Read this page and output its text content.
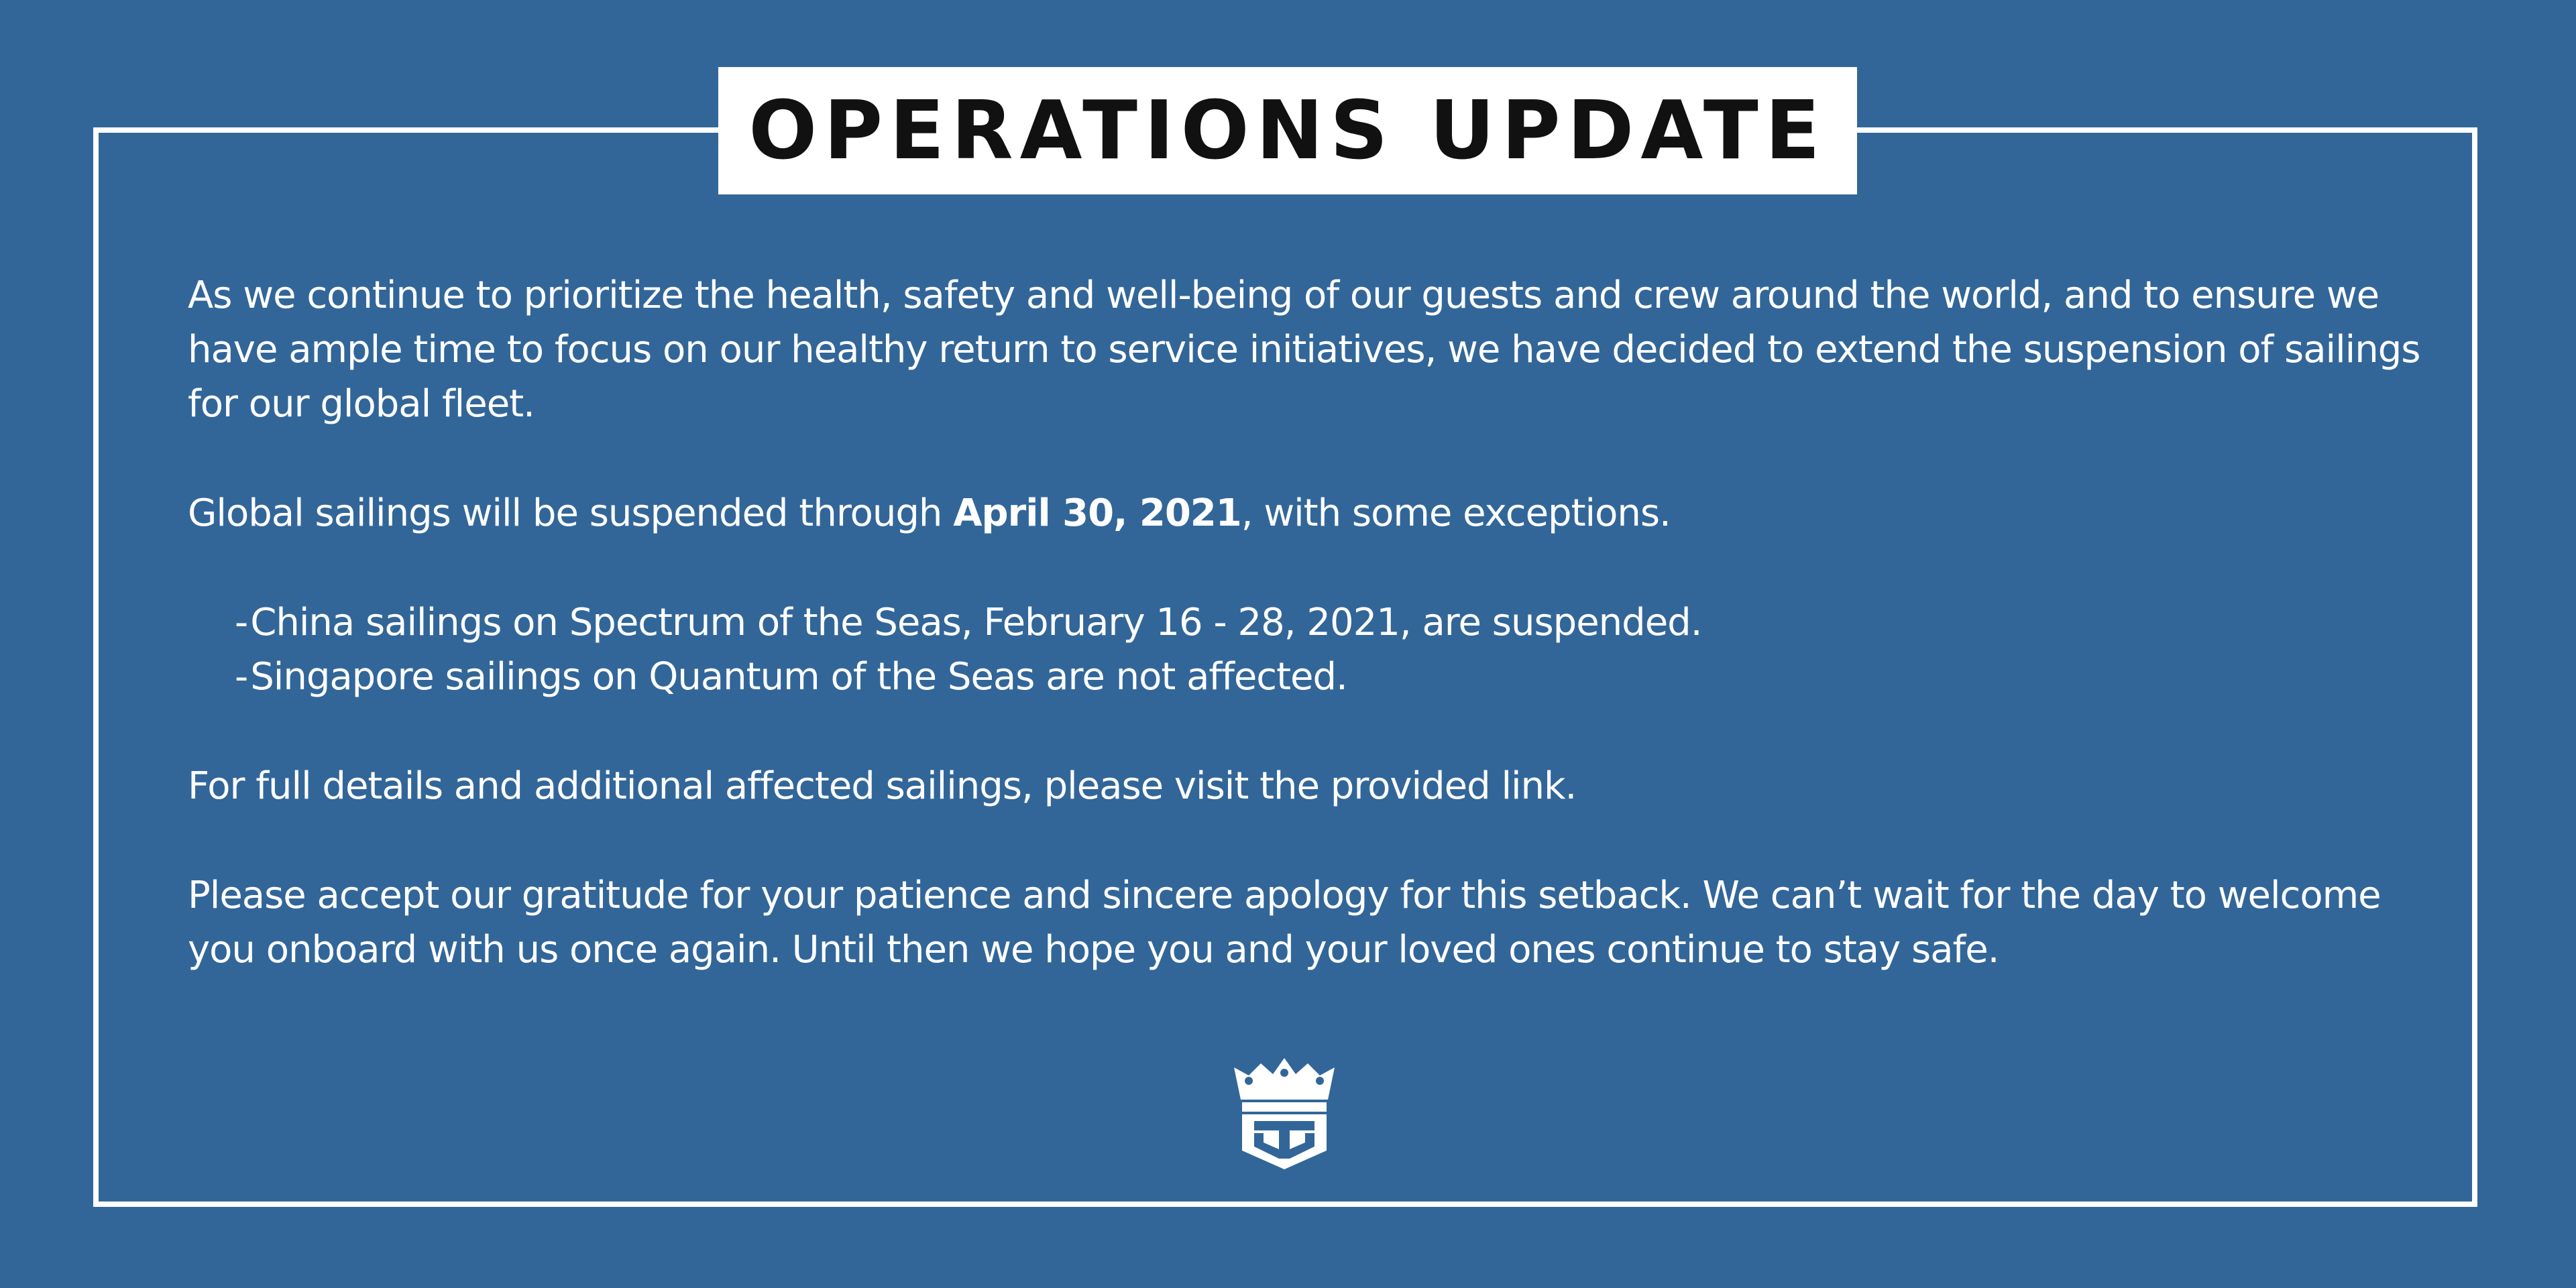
OPERATIONS UPDATE

As we continue to prioritize the health, safety and well-being of our guests and crew around the world, and to ensure we have ample time to focus on our healthy return to service initiatives, we have decided to extend the suspension of sailings for our global fleet.

Global sailings will be suspended through April 30, 2021, with some exceptions.

-China sailings on Spectrum of the Seas, February 16 - 28, 2021, are suspended.
-Singapore sailings on Quantum of the Seas are not affected.

For full details and additional affected sailings, please visit the provided link.

Please accept our gratitude for your patience and sincere apology for this setback. We can’t wait for the day to welcome you onboard with us once again. Until then we hope you and your loved ones continue to stay safe.
